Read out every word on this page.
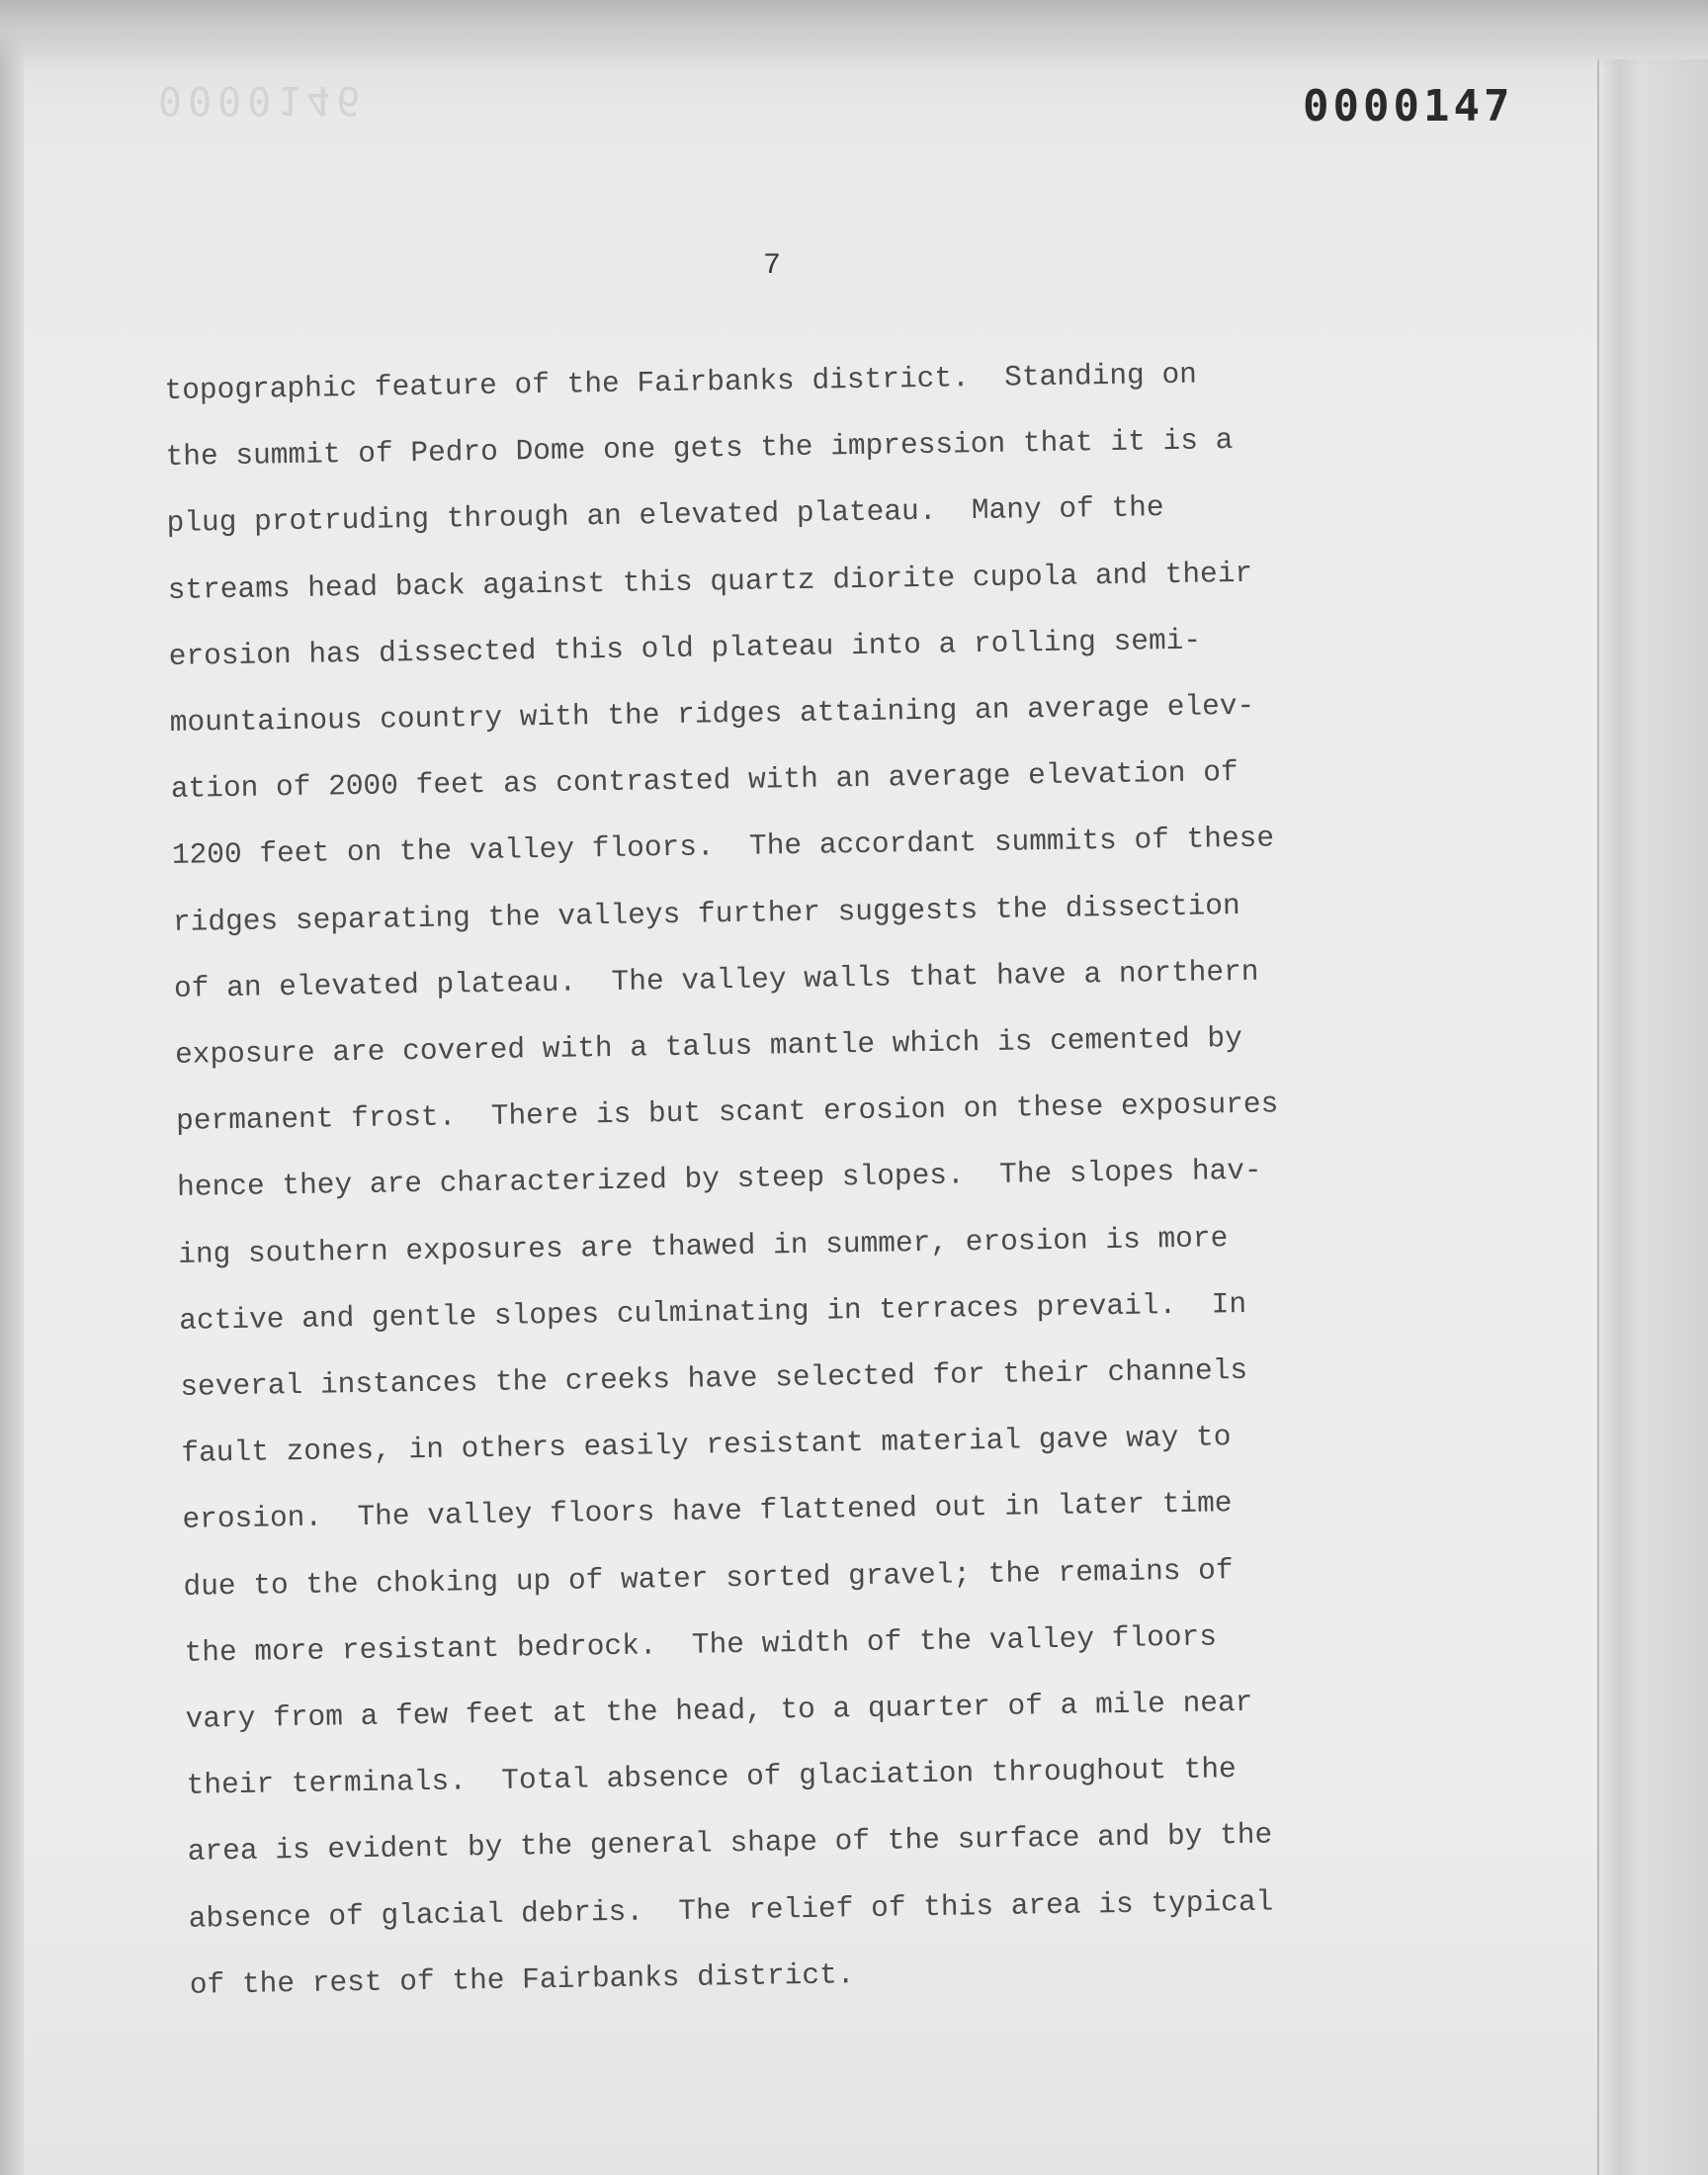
0000146	0000147
7
topographic feature of the Fairbanks district.  Standing on
the summit of Pedro Dome one gets the impression that it is a
plug protruding through an elevated plateau.  Many of the
streams head back against this quartz diorite cupola and their
erosion has dissected this old plateau into a rolling semi-
mountainous country with the ridges attaining an average elev-
ation of 2000 feet as contrasted with an average elevation of
1200 feet on the valley floors.  The accordant summits of these
ridges separating the valleys further suggests the dissection
of an elevated plateau.  The valley walls that have a northern
exposure are covered with a talus mantle which is cemented by
permanent frost.  There is but scant erosion on these exposures
hence they are characterized by steep slopes.  The slopes hav-
ing southern exposures are thawed in summer, erosion is more
active and gentle slopes culminating in terraces prevail.  In
several instances the creeks have selected for their channels
fault zones, in others easily resistant material gave way to
erosion.  The valley floors have flattened out in later time
due to the choking up of water sorted gravel; the remains of
the more resistant bedrock.  The width of the valley floors
vary from a few feet at the head, to a quarter of a mile near
their terminals.  Total absence of glaciation throughout the
area is evident by the general shape of the surface and by the
absence of glacial debris.  The relief of this area is typical
of the rest of the Fairbanks district.
